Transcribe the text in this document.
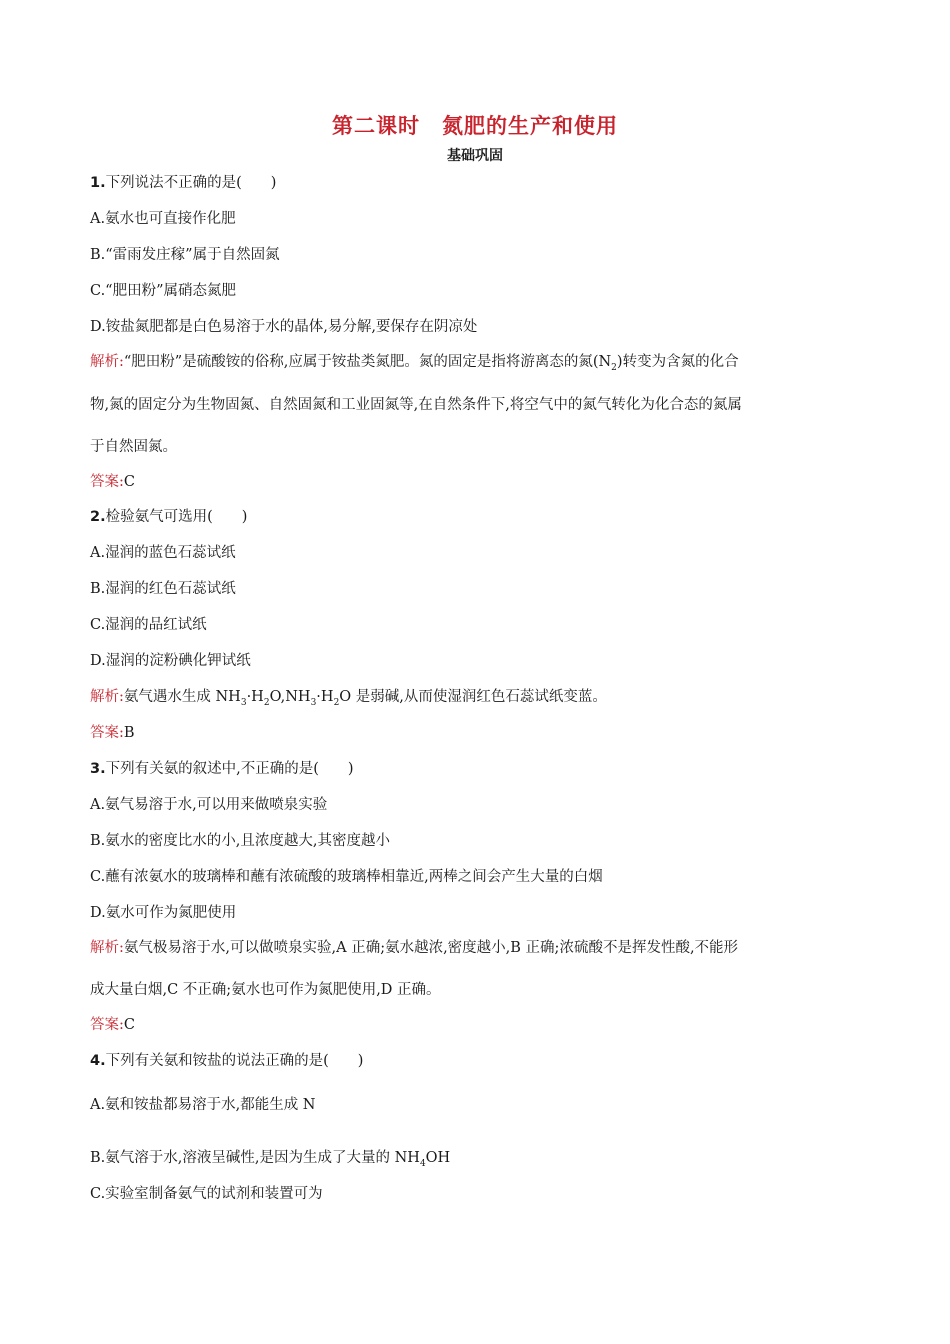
第二课时　氮肥的生产和使用
基础巩固
1.下列说法不正确的是(　　)
A.氨水也可直接作化肥
B.“雷雨发庄稼”属于自然固氮
C.“肥田粉”属硝态氮肥
D.铵盐氮肥都是白色易溶于水的晶体,易分解,要保存在阴凉处
解析:“肥田粉”是硫酸铵的俗称,应属于铵盐类氮肥。氮的固定是指将游离态的氮$(N_2)$转变为含氮的化合
物,氮的固定分为生物固氮、自然固氮和工业固氮等,在自然条件下,将空气中的氮气转化为化合态的氮属
于自然固氮。
答案:C
2.检验氨气可选用(　　)
A.湿润的蓝色石蕊试纸
B.湿润的红色石蕊试纸
C.湿润的品红试纸
D.湿润的淀粉碘化钾试纸
解析:氨气遇水生成 $NH_3\cdot H_2O,NH_3\cdot H_2O$ 是弱碱,从而使湿润红色石蕊试纸变蓝。
答案:B
3.下列有关氨的叙述中,不正确的是(　　)
A.氨气易溶于水,可以用来做喷泉实验
B.氨水的密度比水的小,且浓度越大,其密度越小
C.蘸有浓氨水的玻璃棒和蘸有浓硫酸的玻璃棒相靠近,两棒之间会产生大量的白烟
D.氨水可作为氮肥使用
解析:氨气极易溶于水,可以做喷泉实验,A 正确;氨水越浓,密度越小,B 正确;浓硫酸不是挥发性酸,不能形
成大量白烟,C 不正确;氨水也可作为氮肥使用,D 正确。
答案:C
4.下列有关氨和铵盐的说法正确的是(　　)
A.氨和铵盐都易溶于水,都能生成 N
B.氨气溶于水,溶液呈碱性,是因为生成了大量的 $NH_4OH$
C.实验室制备氨气的试剂和装置可为
